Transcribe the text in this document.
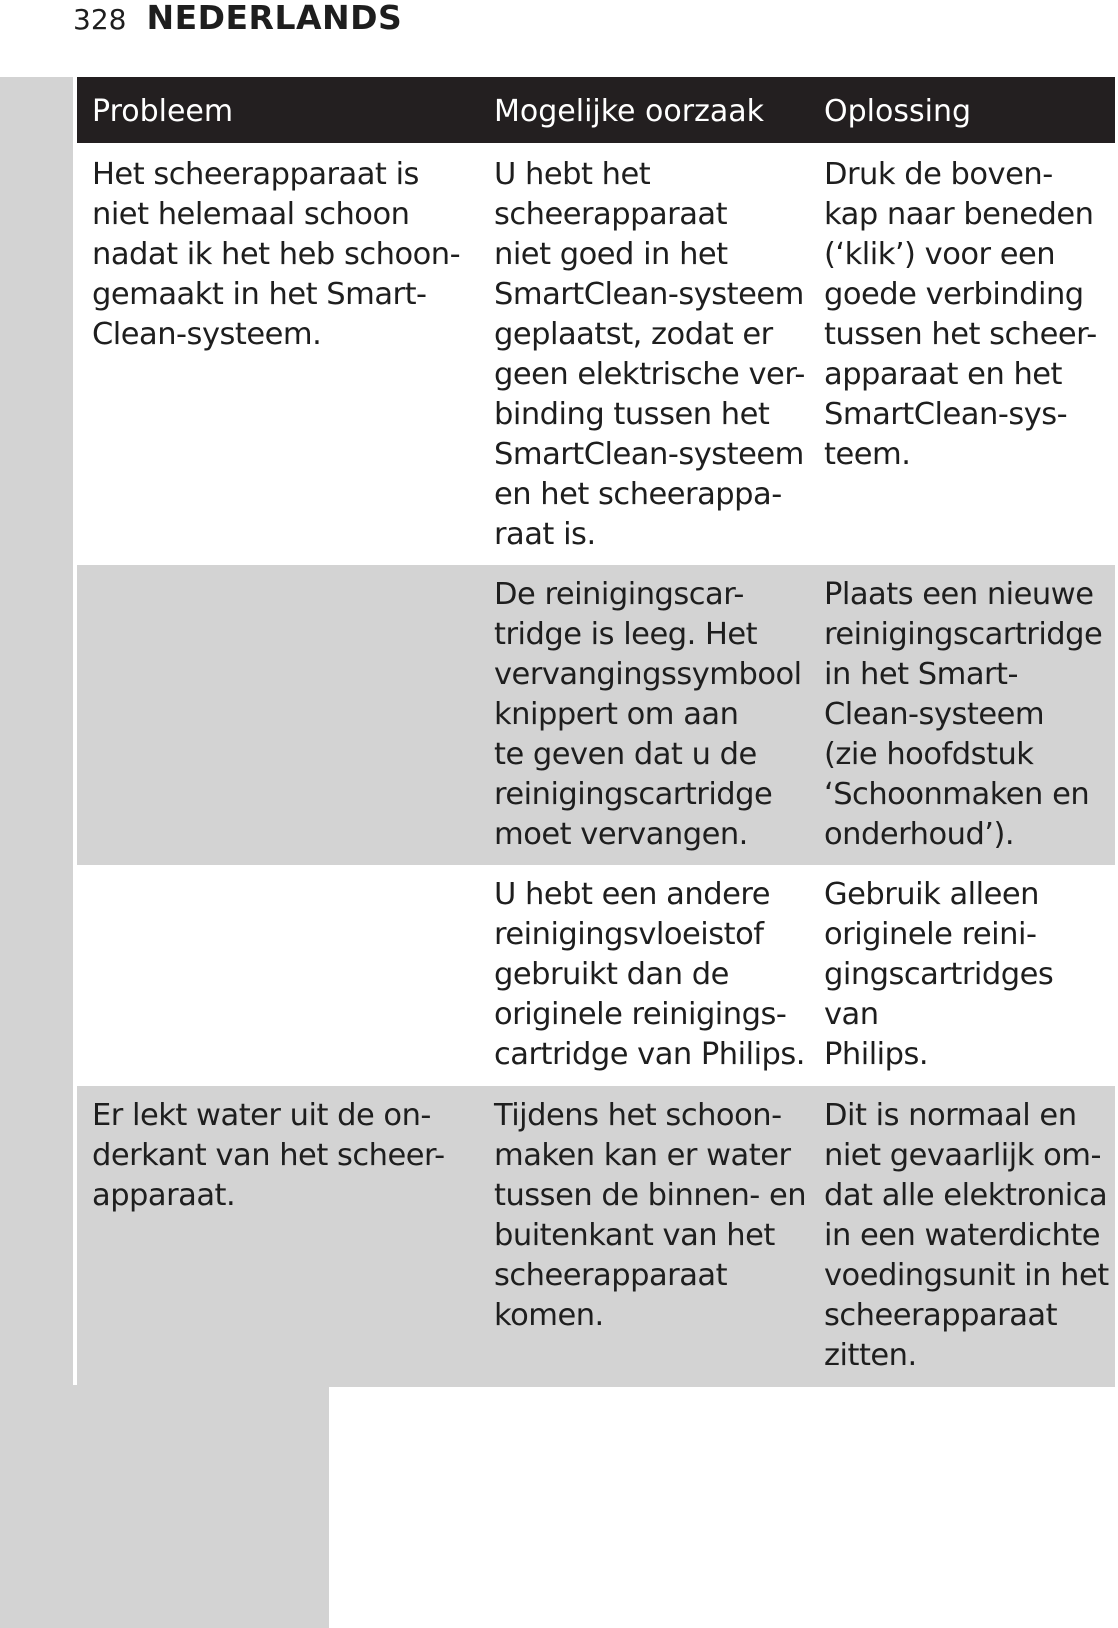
328 NEDERLANDS
Probleem	Mogelijke oorzaak	Oplossing
Het scheerapparaat is
niet helemaal schoon
nadat ik het heb schoon-
gemaakt in het Smart-
Clean-systeem.
U hebt het
scheerapparaat
niet goed in het
SmartClean-systeem
geplaatst, zodat er
geen elektrische ver-
binding tussen het
SmartClean-systeem
en het scheerappa-
raat is.
Druk de boven-
kap naar beneden
(‘klik’) voor een
goede verbinding
tussen het scheer-
apparaat en het
SmartClean-sys-
teem.
De reinigingscar-
tridge is leeg. Het
vervangingssymbool
knippert om aan
te geven dat u de
reinigingscartridge
moet vervangen.
Plaats een nieuwe
reinigingscartridge
in het Smart-
Clean-systeem
(zie hoofdstuk
‘Schoonmaken en
onderhoud’).
U hebt een andere
reinigingsvloeistof
gebruikt dan de
originele reinigings-
cartridge van Philips.
Gebruik alleen
originele reini-
gingscartridges van
Philips.
Er lekt water uit de on-
derkant van het scheer-
apparaat.
Tijdens het schoon-
maken kan er water
tussen de binnen- en
buitenkant van het
scheerapparaat
komen.
Dit is normaal en
niet gevaarlijk om-
dat alle elektronica
in een waterdichte
voedingsunit in het
scheerapparaat
zitten.
